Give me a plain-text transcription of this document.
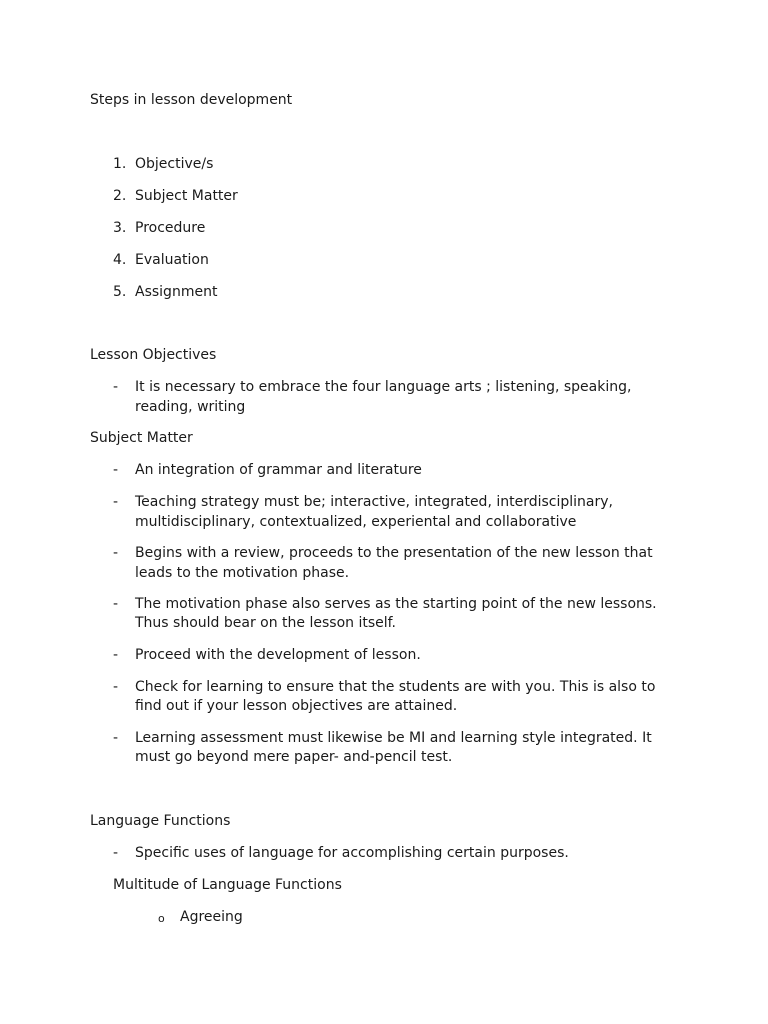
Steps in lesson development
1. Objective/s
2. Subject Matter
3. Procedure
4. Evaluation
5. Assignment
Lesson Objectives
- It is necessary to embrace the four language arts ; listening, speaking,
reading, writing
Subject Matter
- An integration of grammar and literature
- Teaching strategy must be; interactive, integrated, interdisciplinary,
multidisciplinary, contextualized, experiental and collaborative
- Begins with a review, proceeds to the presentation of the new lesson that
leads to the motivation phase.
- The motivation phase also serves as the starting point of the new lessons.
Thus should bear on the lesson itself.
- Proceed with the development of lesson.
- Check for learning to ensure that the students are with you. This is also to
find out if your lesson objectives are attained.
- Learning assessment must likewise be MI and learning style integrated. It
must go beyond mere paper- and-pencil test.
Language Functions
- Specific uses of language for accomplishing certain purposes.
Multitude of Language Functions
o Agreeing
